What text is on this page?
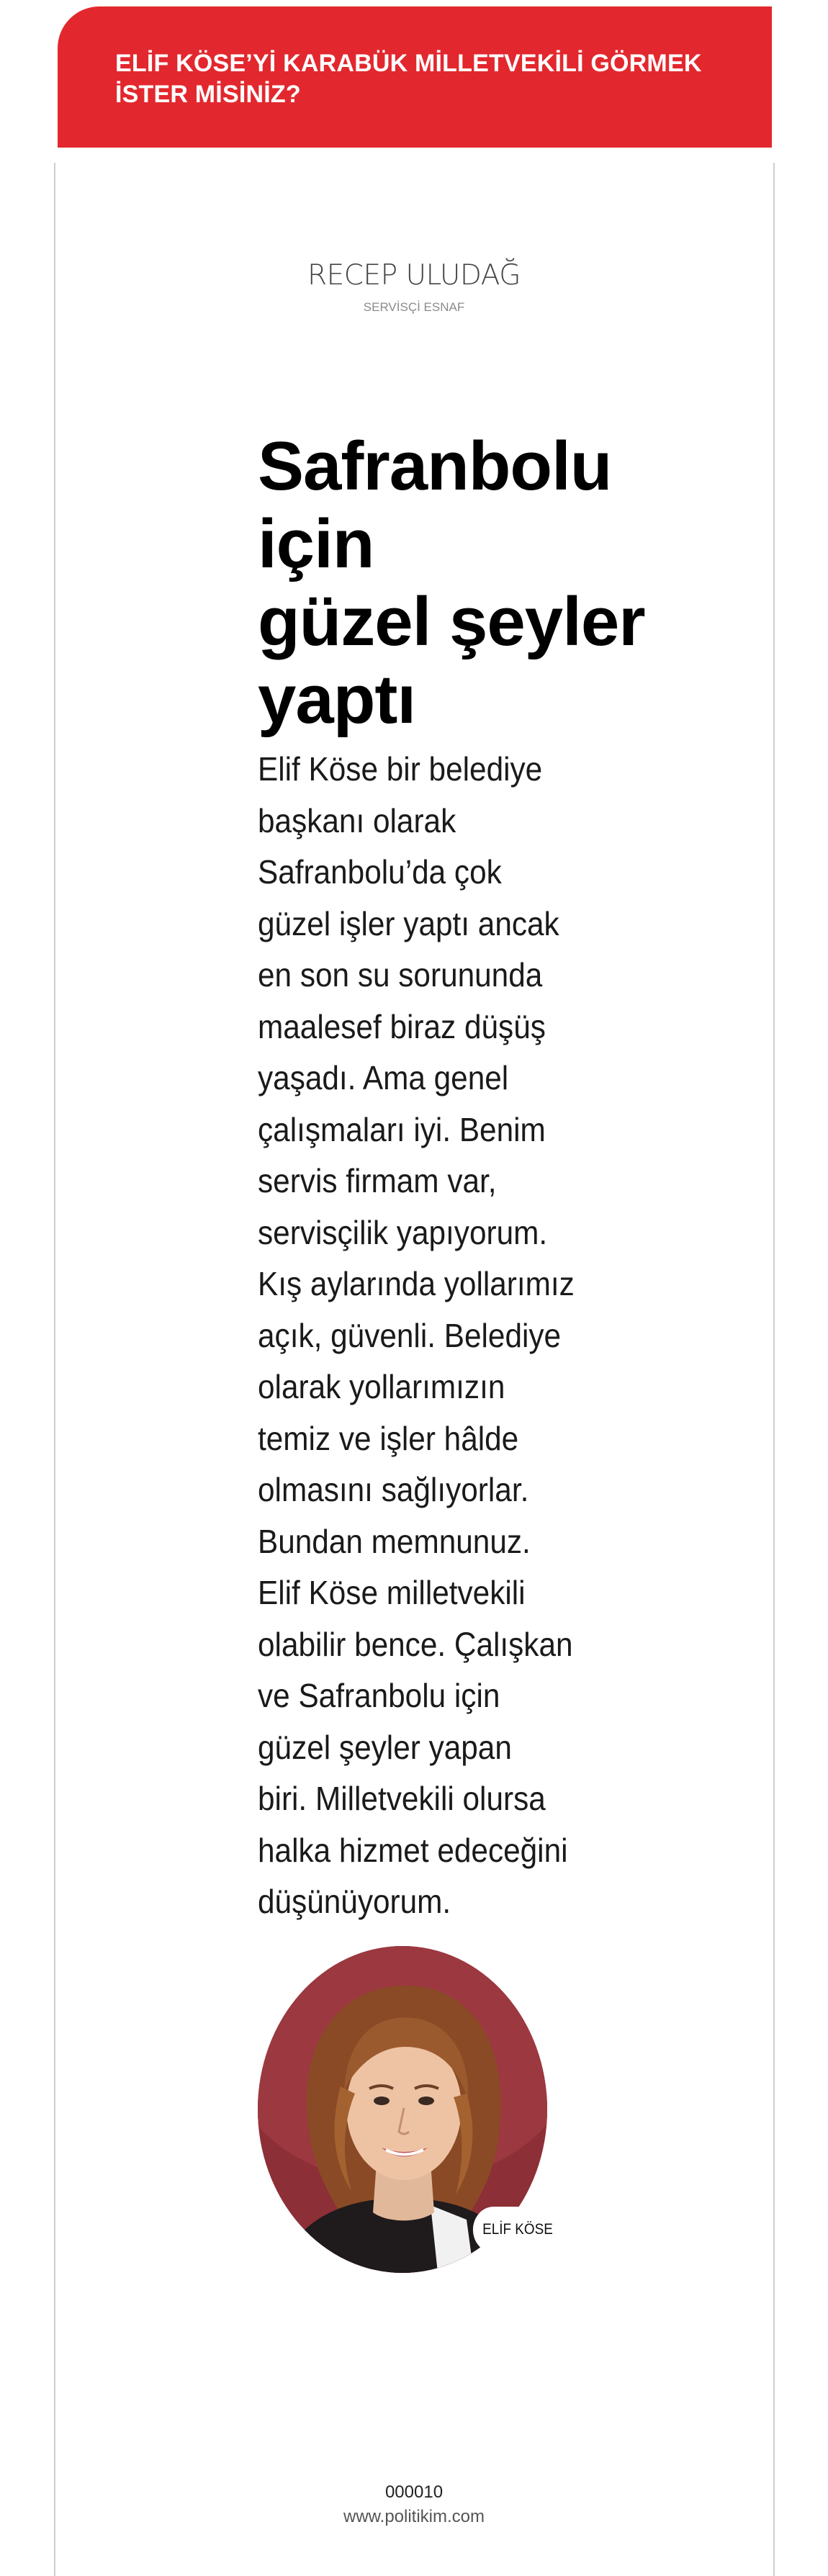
ELİF KÖSE’Yİ KARABÜK MİLLETVEKİLİ GÖRMEK
İSTER MİSİNİZ?

RECEP ULUDAĞ

SERVİSÇİ ESNAF

Safranbolu
için
güzel şeyler
yaptı

Elif Köse bir belediye
başkanı olarak
Safranbolu’da çok
güzel işler yaptı ancak
en son su sorununda
maalesef biraz düşüş
yaşadı. Ama genel
çalışmaları iyi. Benim
servis firmam var,
servisçilik yapıyorum.
Kış aylarında yollarımız
açık, güvenli. Belediye
olarak yollarımızın
temiz ve işler hâlde
olmasını sağlıyorlar.
Bundan memnunuz.
Elif Köse milletvekili
olabilir bence. Çalışkan
ve Safranbolu için
güzel şeyler yapan
biri. Milletvekili olursa
halka hizmet edeceğini
düşünüyorum.

ELİF KÖSE

000010

www.politikim.com
